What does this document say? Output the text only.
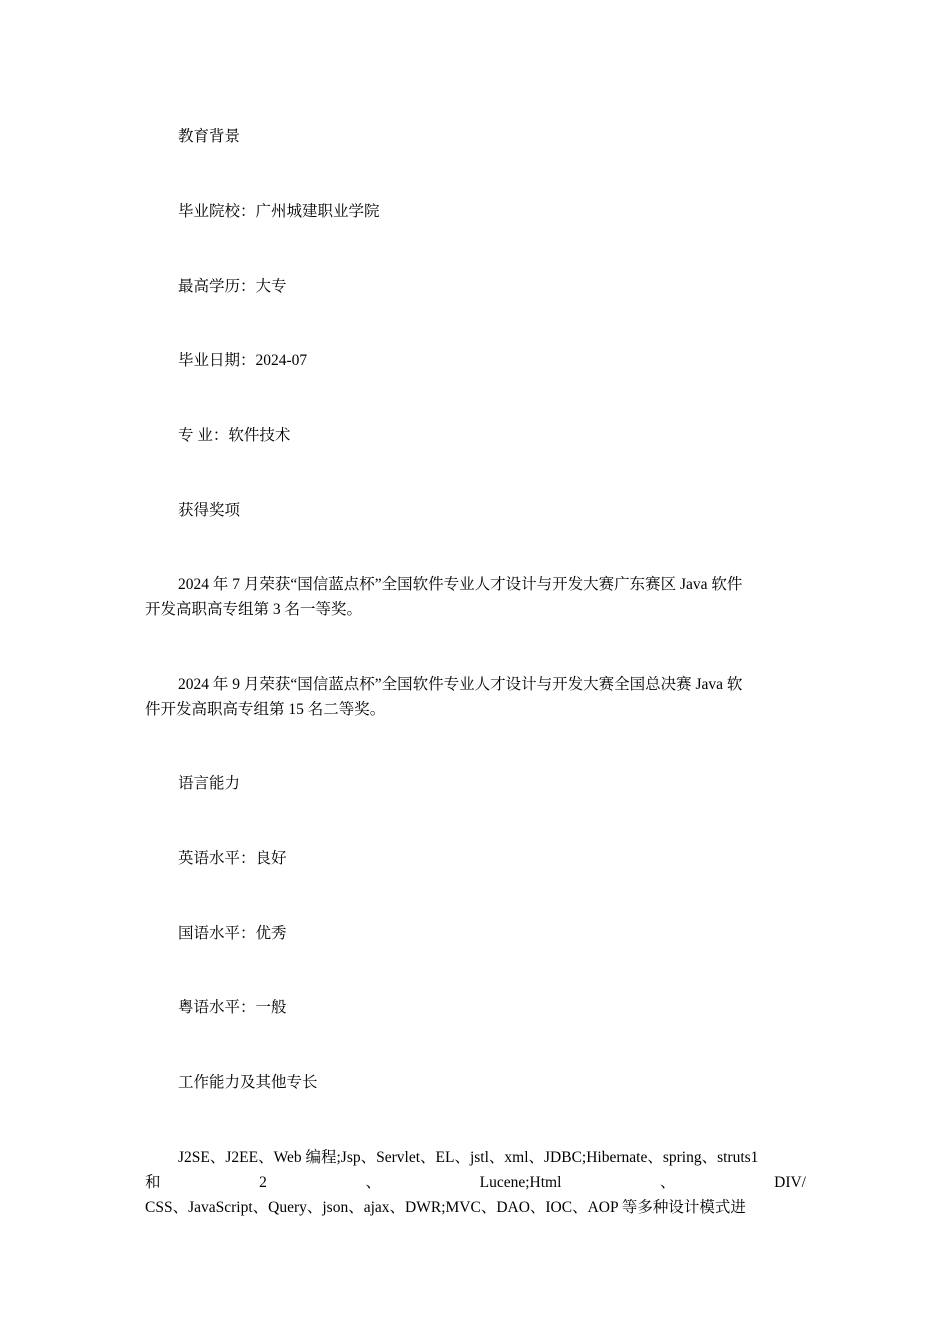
教育背景

毕业院校：广州城建职业学院

最高学历：大专

毕业日期：2024-07

专 业：软件技术

获得奖项

2024 年 7 月荣获“国信蓝点杯”全国软件专业人才设计与开发大赛广东赛区 Java 软件
开发高职高专组第 3 名一等奖。
2024 年 9 月荣获“国信蓝点杯”全国软件专业人才设计与开发大赛全国总决赛 Java 软
件开发高职高专组第 15 名二等奖。

语言能力

英语水平：良好

国语水平：优秀

粤语水平：一般

工作能力及其他专长

J2SE、J2EE、Web 编程;Jsp、Servlet、EL、jstl、xml、JDBC;Hibernate、spring、struts1
和	2	、	Lucene;Html	、	DIV/
CSS、JavaScript、Query、json、ajax、DWR;MVC、DAO、IOC、AOP 等多种设计模式进
